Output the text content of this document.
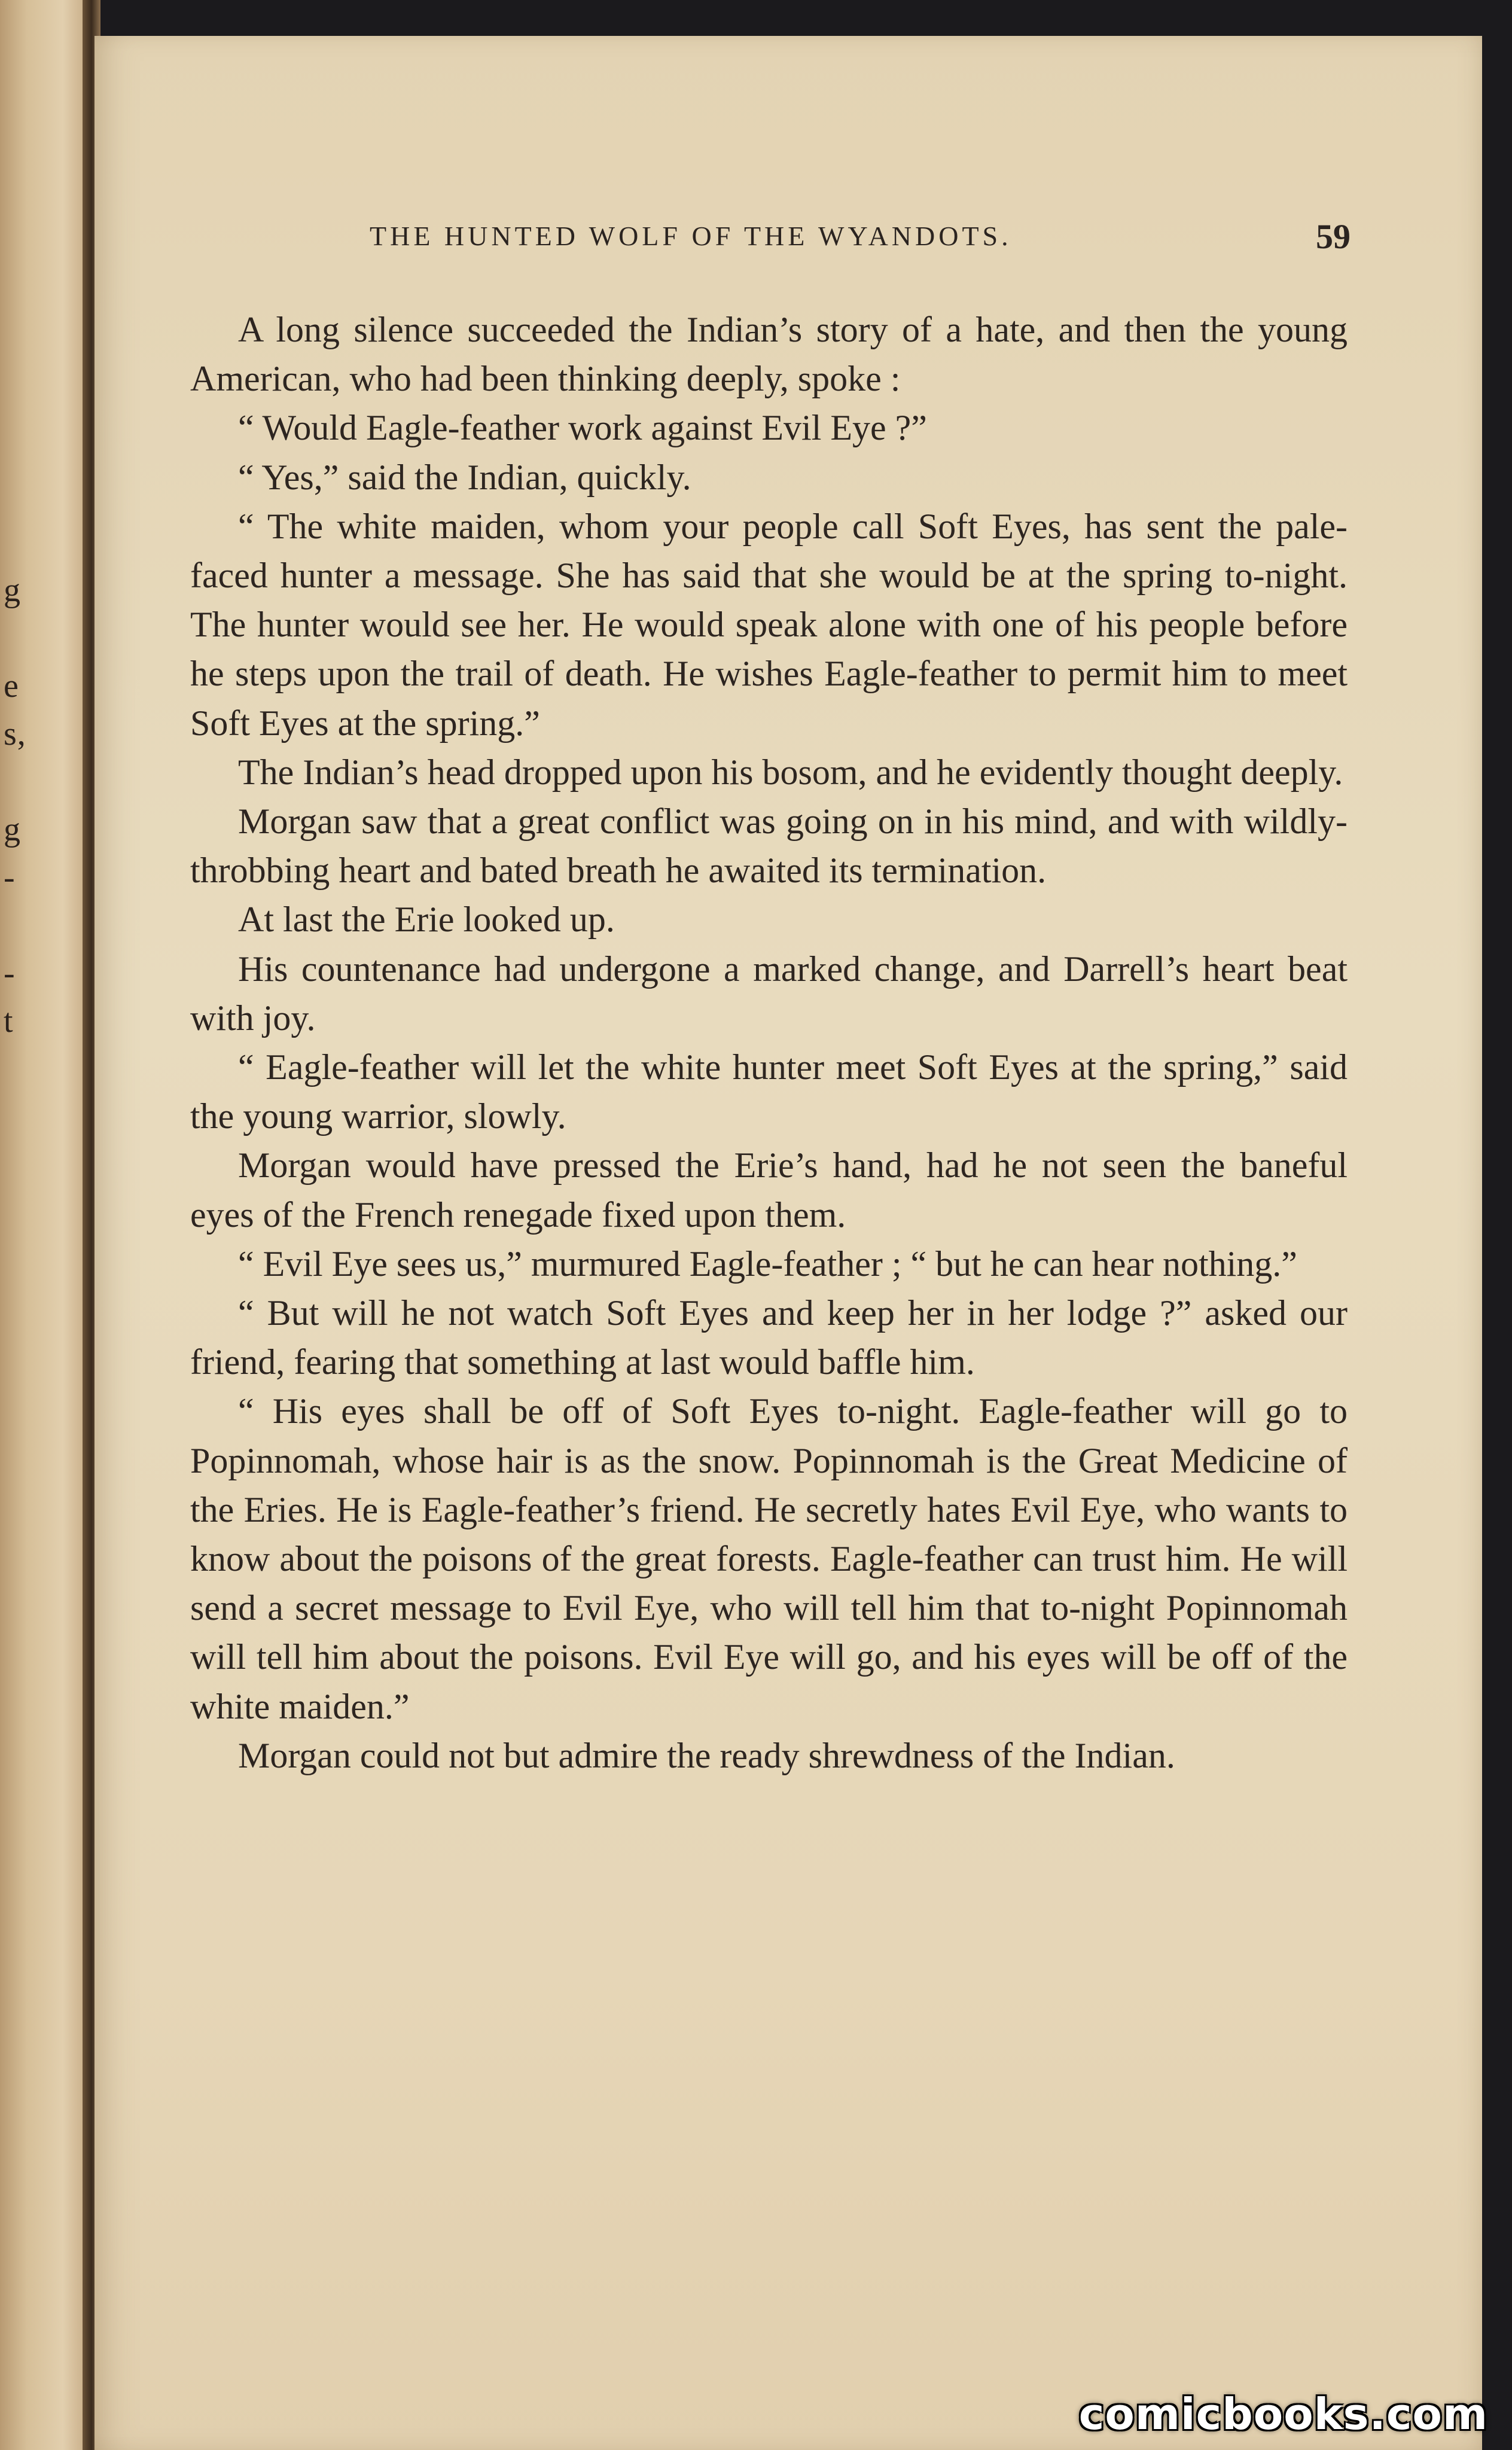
g
e
s,
g
-
-
t
THE HUNTED WOLF OF THE WYANDOTS.	59

A long silence succeeded the Indian’s story of a hate, and then the young American, who had been thinking deeply, spoke :

“ Would Eagle-feather work against Evil Eye ?”

“ Yes,” said the Indian, quickly.

“ The white maiden, whom your people call Soft Eyes, has sent the pale-faced hunter a message. She has said that she would be at the spring to-night. The hunter would see her. He would speak alone with one of his people before he steps upon the trail of death. He wishes Eagle-feather to permit him to meet Soft Eyes at the spring.”

The Indian’s head dropped upon his bosom, and he evidently thought deeply.

Morgan saw that a great conflict was going on in his mind, and with wildly-throbbing heart and bated breath he awaited its termination.

At last the Erie looked up.

His countenance had undergone a marked change, and Darrell’s heart beat with joy.

“ Eagle-feather will let the white hunter meet Soft Eyes at the spring,” said the young warrior, slowly.

Morgan would have pressed the Erie’s hand, had he not seen the baneful eyes of the French renegade fixed upon them.

“ Evil Eye sees us,” murmured Eagle-feather ; “ but he can hear nothing.”

“ But will he not watch Soft Eyes and keep her in her lodge ?” asked our friend, fearing that something at last would baffle him.

“ His eyes shall be off of Soft Eyes to-night. Eagle-feather will go to Popinnomah, whose hair is as the snow. Popinnomah is the Great Medicine of the Eries. He is Eagle-feather’s friend. He secretly hates Evil Eye, who wants to know about the poisons of the great forests. Eagle-feather can trust him. He will send a secret message to Evil Eye, who will tell him that to-night Popinnomah will tell him about the poisons. Evil Eye will go, and his eyes will be off of the white maiden.”

Morgan could not but admire the ready shrewdness of the Indian.

comicbooks.com
